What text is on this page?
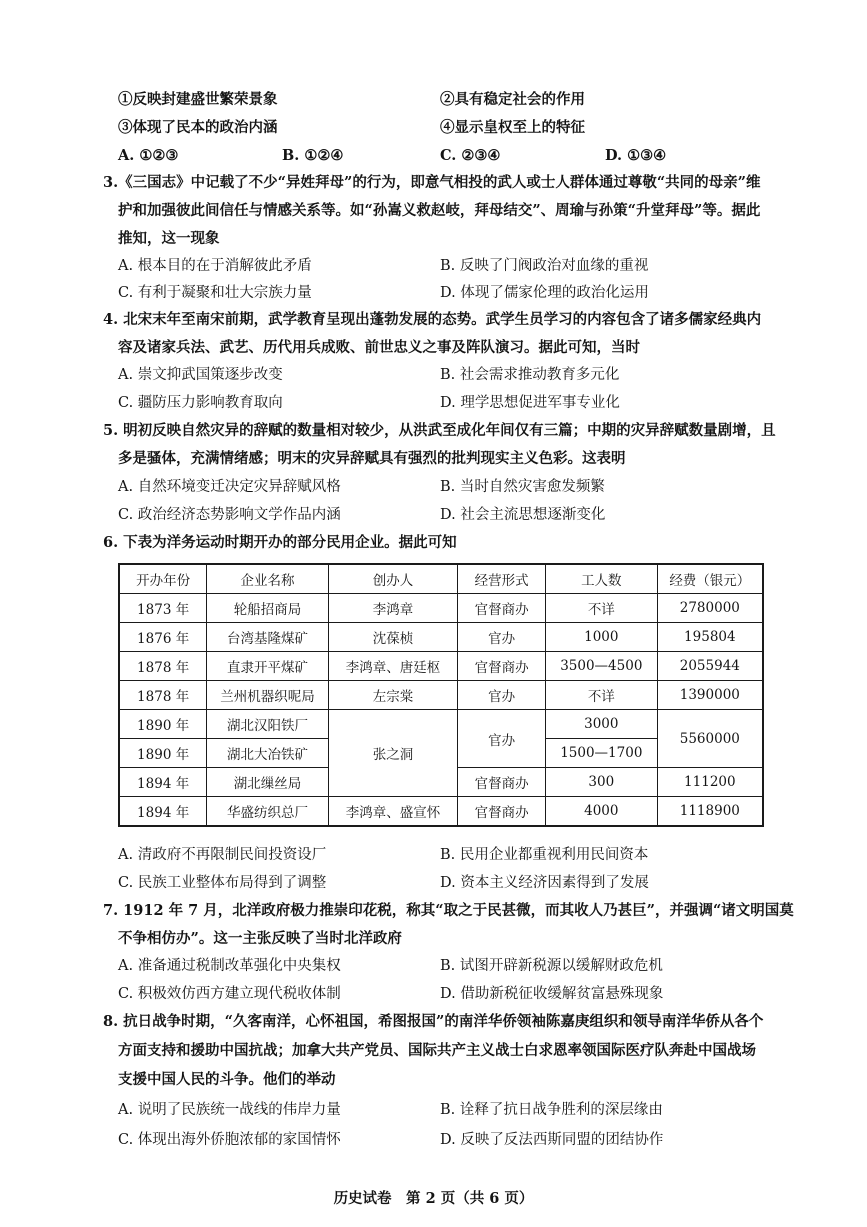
①反映封建盛世繁荣景象	②具有稳定社会的作用
③体现了民本的政治内涵	④显示皇权至上的特征
A. ①②③	B. ①②④	C. ②③④	D. ①③④
3.《三国志》中记载了不少“异姓拜母”的行为，即意气相投的武人或士人群体通过尊敬“共同的母亲”维
护和加强彼此间信任与情感关系等。如“孙嵩义救赵岐，拜母结交”、周瑜与孙策“升堂拜母”等。据此
推知，这一现象
A. 根本目的在于消解彼此矛盾	B. 反映了门阀政治对血缘的重视
C. 有利于凝聚和壮大宗族力量	D. 体现了儒家伦理的政治化运用
4. 北宋末年至南宋前期，武学教育呈现出蓬勃发展的态势。武学生员学习的内容包含了诸多儒家经典内
容及诸家兵法、武艺、历代用兵成败、前世忠义之事及阵队演习。据此可知，当时
A. 崇文抑武国策逐步改变	B. 社会需求推动教育多元化
C. 疆防压力影响教育取向	D. 理学思想促进军事专业化
5. 明初反映自然灾异的辞赋的数量相对较少，从洪武至成化年间仅有三篇；中期的灾异辞赋数量剧增，且
多是骚体，充满情绪感；明末的灾异辞赋具有强烈的批判现实主义色彩。这表明
A. 自然环境变迁决定灾异辞赋风格	B. 当时自然灾害愈发频繁
C. 政治经济态势影响文学作品内涵	D. 社会主流思想逐渐变化
6. 下表为洋务运动时期开办的部分民用企业。据此可知
开办年份	企业名称	创办人	经营形式	工人数	经费（银元）
1873 年	轮船招商局	李鸿章	官督商办	不详	2780000
1876 年	台湾基隆煤矿	沈葆桢	官办	1000	195804
1878 年	直隶开平煤矿	李鸿章、唐廷枢	官督商办	3500—4500	2055944
1878 年	兰州机器织呢局	左宗棠	官办	不详	1390000
1890 年	湖北汉阳铁厂	张之洞	官办	3000	5560000
1890 年	湖北大冶铁矿			1500—1700	
1894 年	湖北缫丝局		官督商办	300	111200
1894 年	华盛纺织总厂	李鸿章、盛宣怀	官督商办	4000	1118900
A. 清政府不再限制民间投资设厂	B. 民用企业都重视利用民间资本
C. 民族工业整体布局得到了调整	D. 资本主义经济因素得到了发展
7. 1912 年 7 月，北洋政府极力推崇印花税，称其“取之于民甚微，而其收人乃甚巨”，并强调“诸文明国莫
不争相仿办”。这一主张反映了当时北洋政府
A. 准备通过税制改革强化中央集权	B. 试图开辟新税源以缓解财政危机
C. 积极效仿西方建立现代税收体制	D. 借助新税征收缓解贫富悬殊现象
8. 抗日战争时期，“久客南洋，心怀祖国，希图报国”的南洋华侨领袖陈嘉庚组织和领导南洋华侨从各个
方面支持和援助中国抗战；加拿大共产党员、国际共产主义战士白求恩率领国际医疗队奔赴中国战场
支援中国人民的斗争。他们的举动
A. 说明了民族统一战线的伟岸力量	B. 诠释了抗日战争胜利的深层缘由
C. 体现出海外侨胞浓郁的家国情怀	D. 反映了反法西斯同盟的团结协作
历史试卷　第 2 页（共 6 页）
